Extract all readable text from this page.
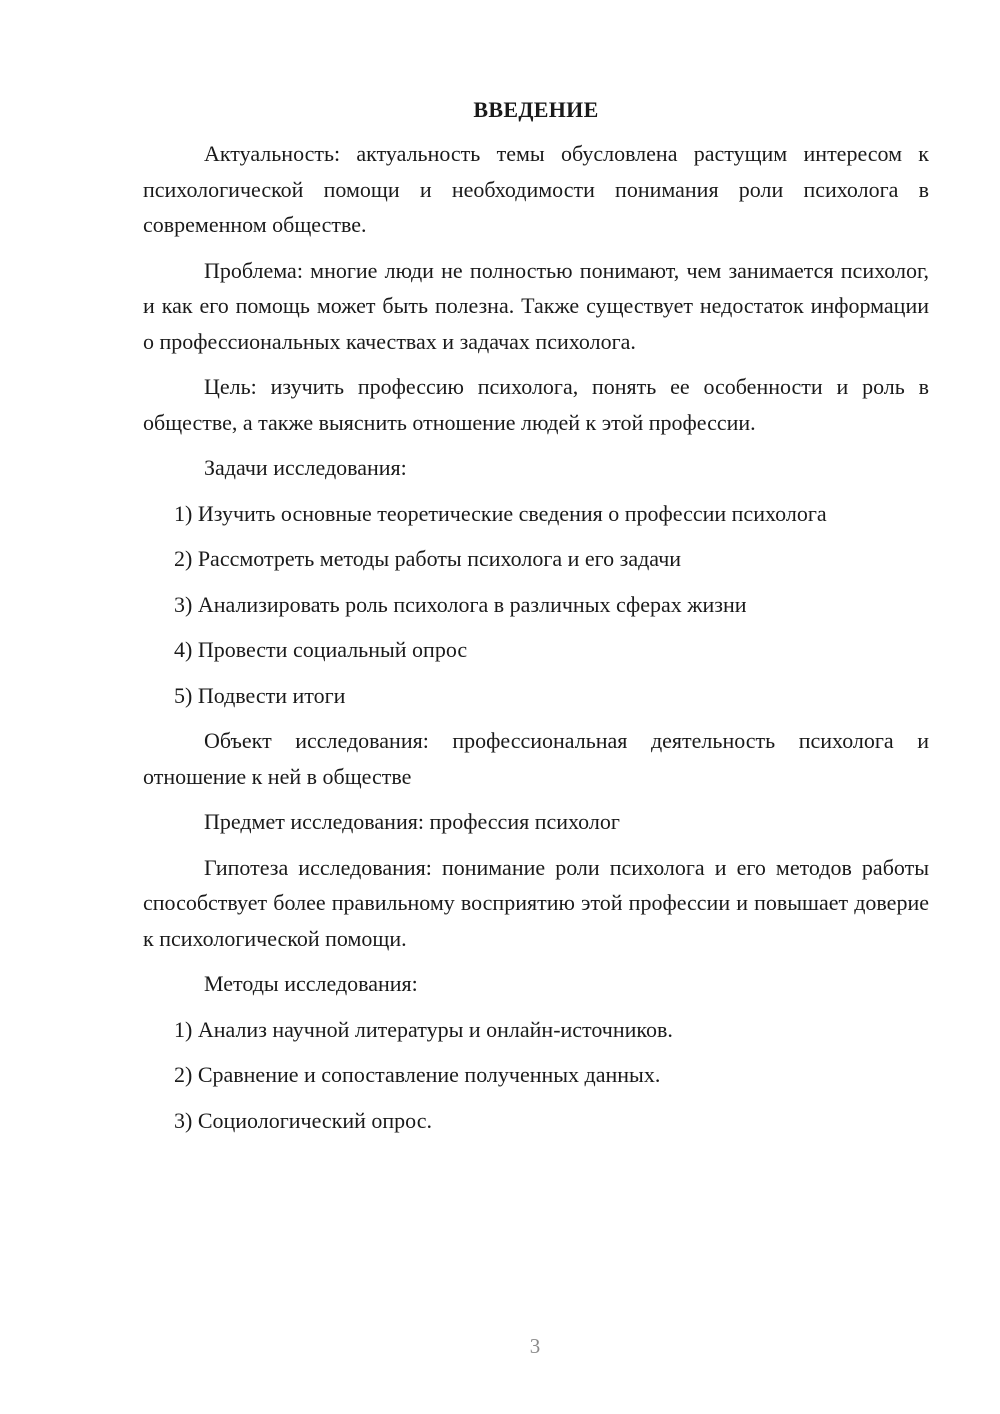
ВВЕДЕНИЕ

Актуальность: актуальность темы обусловлена растущим интересом к психологической помощи и необходимости понимания роли психолога в современном обществе.

Проблема: многие люди не полностью понимают, чем занимается психолог, и как его помощь может быть полезна. Также существует недостаток информации о профессиональных качествах и задачах психолога.

Цель: изучить профессию психолога, понять ее особенности и роль в обществе, а также выяснить отношение людей к этой профессии.

Задачи исследования:

1) Изучить основные теоретические сведения о профессии психолога

2) Рассмотреть методы работы психолога и его задачи

3) Анализировать роль психолога в различных сферах жизни

4) Провести социальный опрос

5) Подвести итоги

Объект исследования: профессиональная деятельность психолога и отношение к ней в обществе

Предмет исследования: профессия психолог

Гипотеза исследования: понимание роли психолога и его методов работы способствует более правильному восприятию этой профессии и повышает доверие к психологической помощи.

Методы исследования:

1) Анализ научной литературы и онлайн-источников.

2) Сравнение и сопоставление полученных данных.

3) Социологический опрос.

3
